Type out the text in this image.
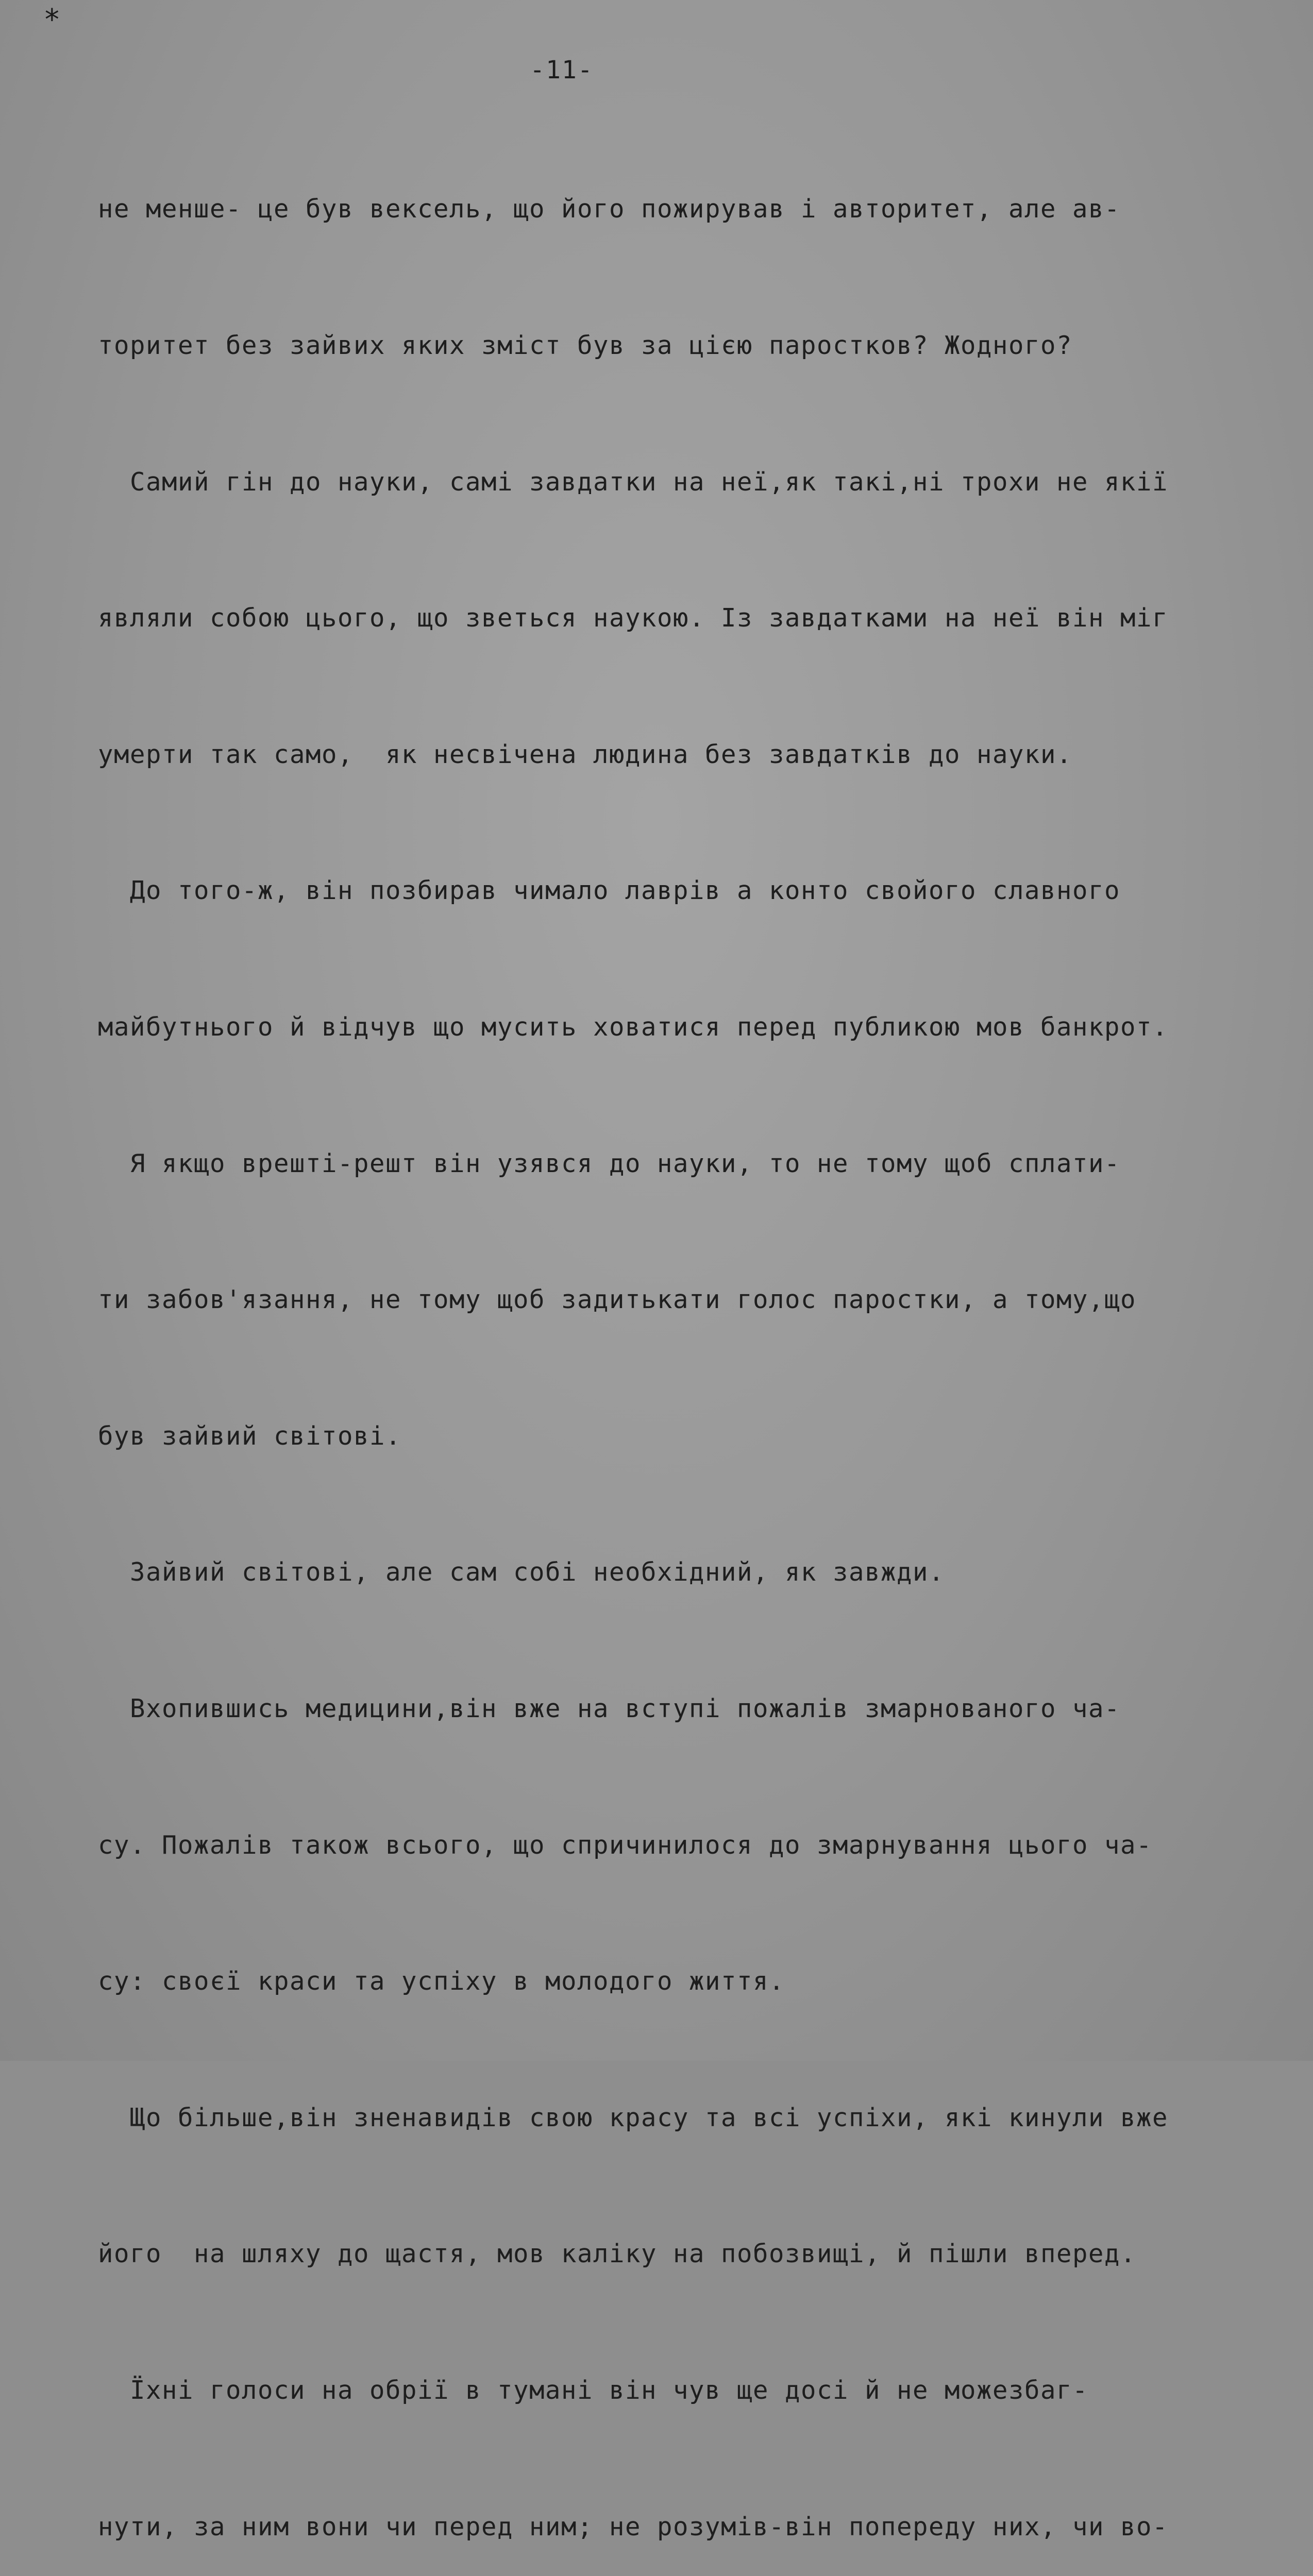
*
-11-

не менше- це був вексель, що його пожирував і авторитет, але ав-

торитет без зайвих яких зміст був за цією паростков? Жодного?

Самий гін до науки, самі завдатки на неї,як такі,ні трохи не якії

являли собою цього, що зветься наукою. Із завдатками на неї він міг

умерти так само,  як несвічена людина без завдатків до науки.

До того-ж, він позбирав чимало лаврів а конто свойого славного

майбутнього й відчув що мусить ховатися перед публикою мов банкрот.

Я якщо врешті-решт він узявся до науки, то не тому щоб сплати-

ти забов'язання, не тому щоб задитькати голос паростки, а тому,що

був зайвий світові.

Зайвий світові, але сам собі необхідний, як завжди.

Вхопившись медицини,він вже на вступі пожалів змарнованого ча-

су. Пожалів також всього, що спричинилося до змарнування цього ча-

су: своєї краси та успіху в молодого життя.

Що більше,він зненавидів свою красу та всі успіхи, які кинули вже

його  на шляху до щастя, мов каліку на побозвищі, й пішли вперед.

Їхні голоси на обрії в тумані він чув ще досі й не можезбаг-

нути, за ним вони чи перед ним; не розумів-він попереду них, чи во-
